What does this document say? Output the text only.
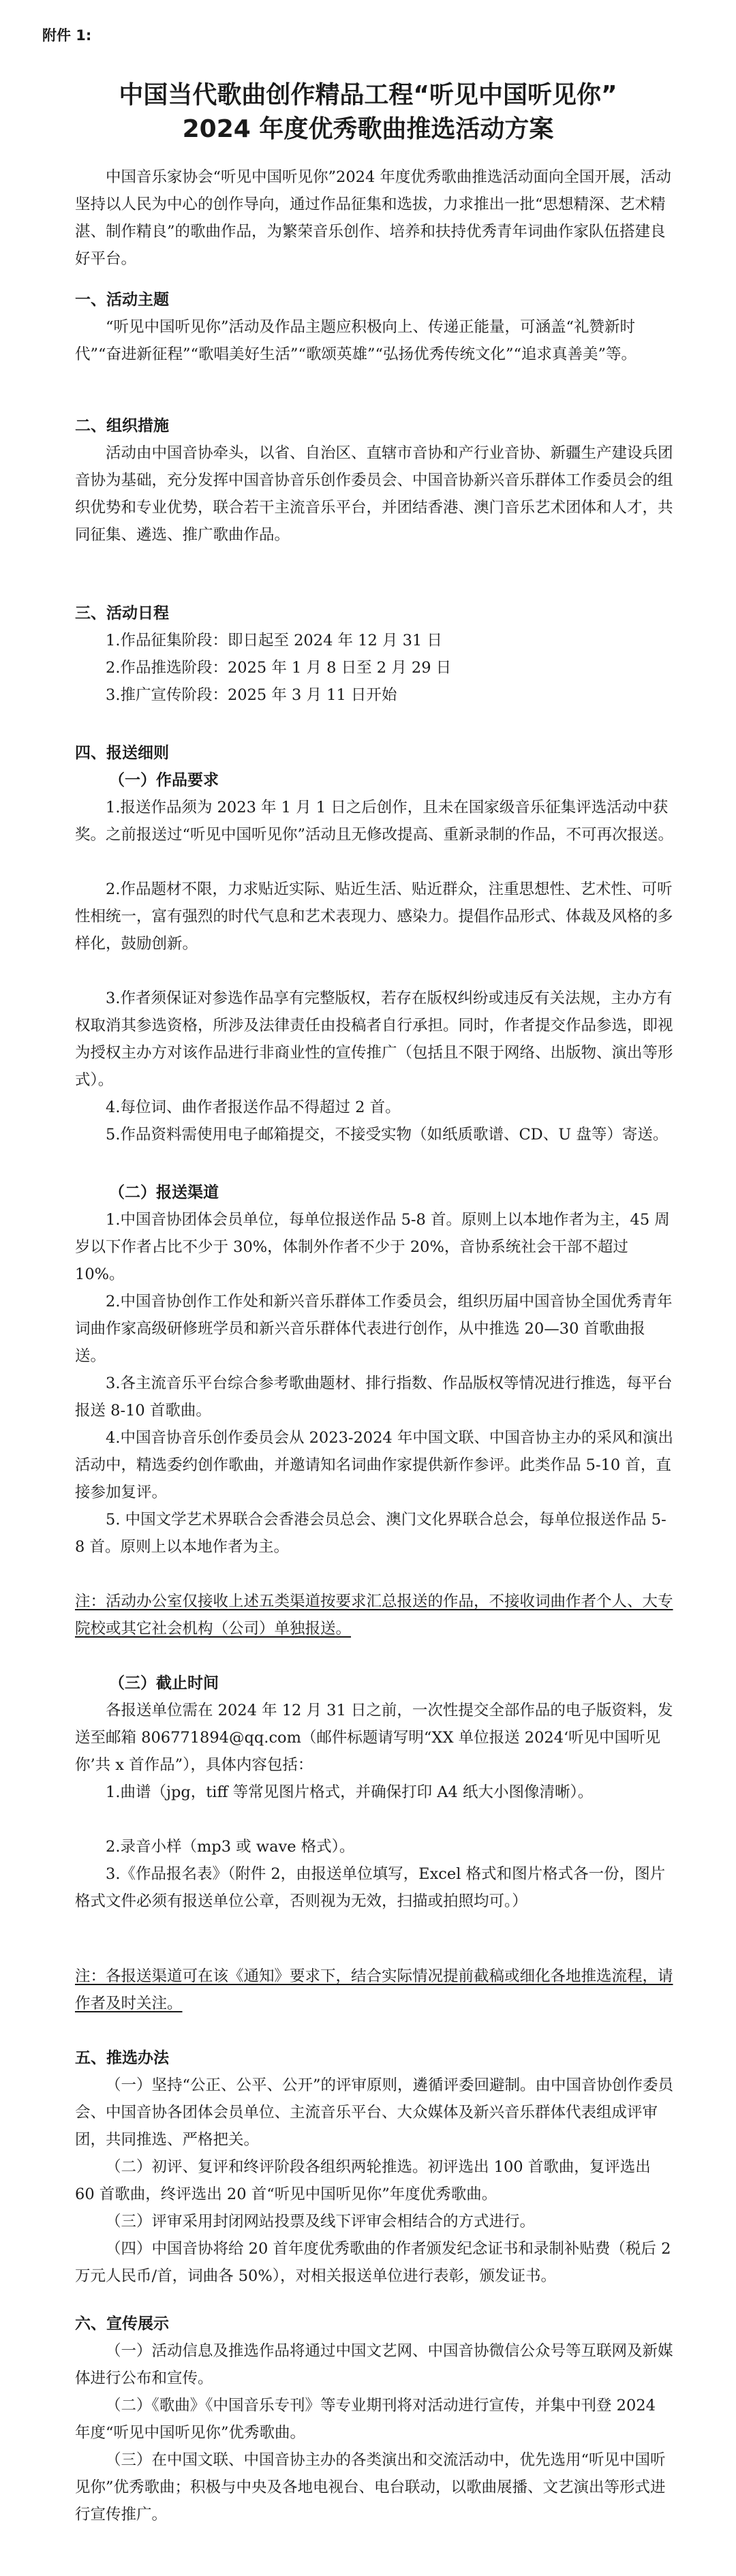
附件 1:
中国当代歌曲创作精品工程“听见中国听见你”
2024 年度优秀歌曲推选活动方案
中国音乐家协会“听见中国听见你”2024 年度优秀歌曲推选活动面向全国开展，活动坚持以人民为中心的创作导向，通过作品征集和选拔，力求推出一批“思想精深、艺术精湛、制作精良”的歌曲作品，为繁荣音乐创作、培养和扶持优秀青年词曲作家队伍搭建良好平台。
一、活动主题
“听见中国听见你”活动及作品主题应积极向上、传递正能量，可涵盖“礼赞新时代”“奋进新征程”“歌唱美好生活”“歌颂英雄”“弘扬优秀传统文化”“追求真善美”等。
二、组织措施
活动由中国音协牵头，以省、自治区、直辖市音协和产行业音协、新疆生产建设兵团音协为基础，充分发挥中国音协音乐创作委员会、中国音协新兴音乐群体工作委员会的组织优势和专业优势，联合若干主流音乐平台，并团结香港、澳门音乐艺术团体和人才，共同征集、遴选、推广歌曲作品。
三、活动日程
1.作品征集阶段：即日起至 2024 年 12 月 31 日
2.作品推选阶段：2025 年 1 月 8 日至 2 月 29 日
3.推广宣传阶段：2025 年 3 月 11 日开始
四、报送细则
（一）作品要求
1.报送作品须为 2023 年 1 月 1 日之后创作，且未在国家级音乐征集评选活动中获奖。之前报送过“听见中国听见你”活动且无修改提高、重新录制的作品，不可再次报送。
2.作品题材不限，力求贴近实际、贴近生活、贴近群众，注重思想性、艺术性、可听性相统一，富有强烈的时代气息和艺术表现力、感染力。提倡作品形式、体裁及风格的多样化，鼓励创新。
3.作者须保证对参选作品享有完整版权，若存在版权纠纷或违反有关法规，主办方有权取消其参选资格，所涉及法律责任由投稿者自行承担。同时，作者提交作品参选，即视为授权主办方对该作品进行非商业性的宣传推广（包括且不限于网络、出版物、演出等形式）。
4.每位词、曲作者报送作品不得超过 2 首。
5.作品资料需使用电子邮箱提交，不接受实物（如纸质歌谱、CD、U 盘等）寄送。
（二）报送渠道
1.中国音协团体会员单位，每单位报送作品 5-8 首。原则上以本地作者为主，45 周岁以下作者占比不少于 30%，体制外作者不少于 20%，音协系统社会干部不超过 10%。
2.中国音协创作工作处和新兴音乐群体工作委员会，组织历届中国音协全国优秀青年词曲作家高级研修班学员和新兴音乐群体代表进行创作，从中推选 20—30 首歌曲报送。
3.各主流音乐平台综合参考歌曲题材、排行指数、作品版权等情况进行推选，每平台报送 8-10 首歌曲。
4.中国音协音乐创作委员会从 2023-2024 年中国文联、中国音协主办的采风和演出活动中，精选委约创作歌曲，并邀请知名词曲作家提供新作参评。此类作品 5-10 首，直接参加复评。
5. 中国文学艺术界联合会香港会员总会、澳门文化界联合总会，每单位报送作品 5-8 首。原则上以本地作者为主。
注：活动办公室仅接收上述五类渠道按要求汇总报送的作品，不接收词曲作者个人、大专院校或其它社会机构（公司）单独报送。
（三）截止时间
各报送单位需在 2024 年 12 月 31 日之前，一次性提交全部作品的电子版资料，发送至邮箱 806771894@qq.com（邮件标题请写明“XX 单位报送 2024‘听见中国听见你’共 x 首作品”），具体内容包括：
1.曲谱（jpg，tiff 等常见图片格式，并确保打印 A4 纸大小图像清晰）。
2.录音小样（mp3 或 wave 格式）。
3.《作品报名表》（附件 2，由报送单位填写，Excel 格式和图片格式各一份，图片格式文件必须有报送单位公章，否则视为无效，扫描或拍照均可。）
注：各报送渠道可在该《通知》要求下，结合实际情况提前截稿或细化各地推选流程，请作者及时关注。
五、推选办法
（一）坚持“公正、公平、公开”的评审原则，遴循评委回避制。由中国音协创作委员会、中国音协各团体会员单位、主流音乐平台、大众媒体及新兴音乐群体代表组成评审团，共同推选、严格把关。
（二）初评、复评和终评阶段各组织两轮推选。初评选出 100 首歌曲，复评选出 60 首歌曲，终评选出 20 首“听见中国听见你”年度优秀歌曲。
（三）评审采用封闭网站投票及线下评审会相结合的方式进行。
（四）中国音协将给 20 首年度优秀歌曲的作者颁发纪念证书和录制补贴费（税后 2 万元人民币/首，词曲各 50%），对相关报送单位进行表彰，颁发证书。
六、宣传展示
（一）活动信息及推选作品将通过中国文艺网、中国音协微信公众号等互联网及新媒体进行公布和宣传。
（二）《歌曲》《中国音乐专刊》等专业期刊将对活动进行宣传，并集中刊登 2024 年度“听见中国听见你”优秀歌曲。
（三）在中国文联、中国音协主办的各类演出和交流活动中，优先选用“听见中国听见你”优秀歌曲；积极与中央及各地电视台、电台联动，以歌曲展播、文艺演出等形式进行宣传推广。
